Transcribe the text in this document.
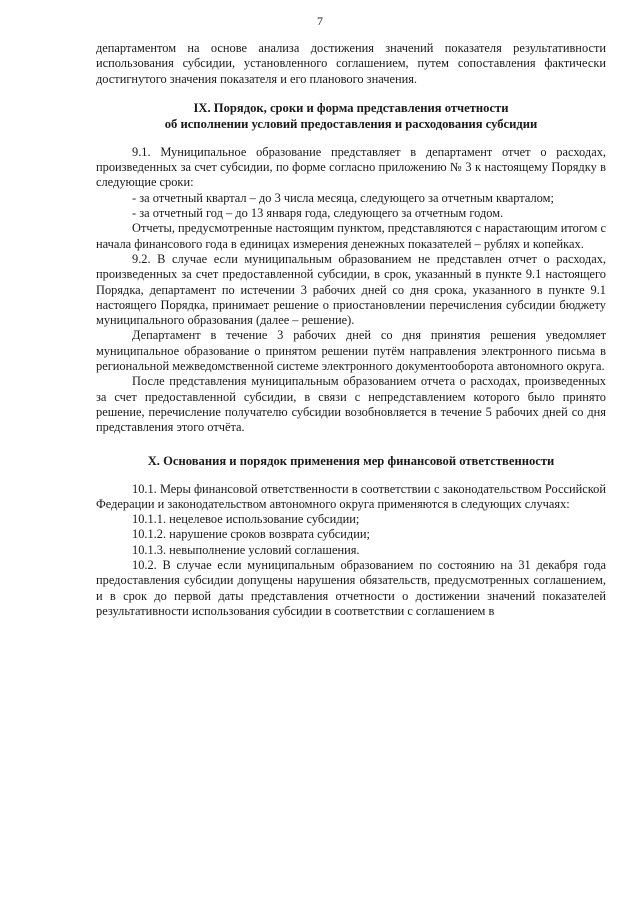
7

департаментом на основе анализа достижения значений показателя результативности использования субсидии, установленного соглашением, путем сопоставления фактически достигнутого значения показателя и его планового значения.

IX. Порядок, сроки и форма представления отчетности
об исполнении условий предоставления и расходования субсидии

9.1. Муниципальное образование представляет в департамент отчет о расходах, произведенных за счет субсидии, по форме согласно приложению № 3 к настоящему Порядку в следующие сроки:

- за отчетный квартал – до 3 числа месяца, следующего за отчетным кварталом;

- за отчетный год – до 13 января года, следующего за отчетным годом.

Отчеты, предусмотренные настоящим пунктом, представляются с нарастающим итогом с начала финансового года в единицах измерения денежных показателей – рублях и копейках.

9.2. В случае если муниципальным образованием не представлен отчет о расходах, произведенных за счет предоставленной субсидии, в срок, указанный в пункте 9.1 настоящего Порядка, департамент по истечении 3 рабочих дней со дня срока, указанного в пункте 9.1 настоящего Порядка, принимает решение о приостановлении перечисления субсидии бюджету муниципального образования (далее – решение).

Департамент в течение 3 рабочих дней со дня принятия решения уведомляет муниципальное образование о принятом решении путём направления электронного письма в региональной межведомственной системе электронного документооборота автономного округа.

После представления муниципальным образованием отчета о расходах, произведенных за счет предоставленной субсидии, в связи с непредставлением которого было принято решение, перечисление получателю субсидии возобновляется в течение 5 рабочих дней со дня представления этого отчёта.

X. Основания и порядок применения мер финансовой ответственности

10.1. Меры финансовой ответственности в соответствии с законодательством Российской Федерации и законодательством автономного округа применяются в следующих случаях:

10.1.1. нецелевое использование субсидии;

10.1.2. нарушение сроков возврата субсидии;

10.1.3. невыполнение условий соглашения.

10.2. В случае если муниципальным образованием по состоянию на 31 декабря года предоставления субсидии допущены нарушения обязательств, предусмотренных соглашением, и в срок до первой даты представления отчетности о достижении значений показателей результативности использования субсидии в соответствии с соглашением в
